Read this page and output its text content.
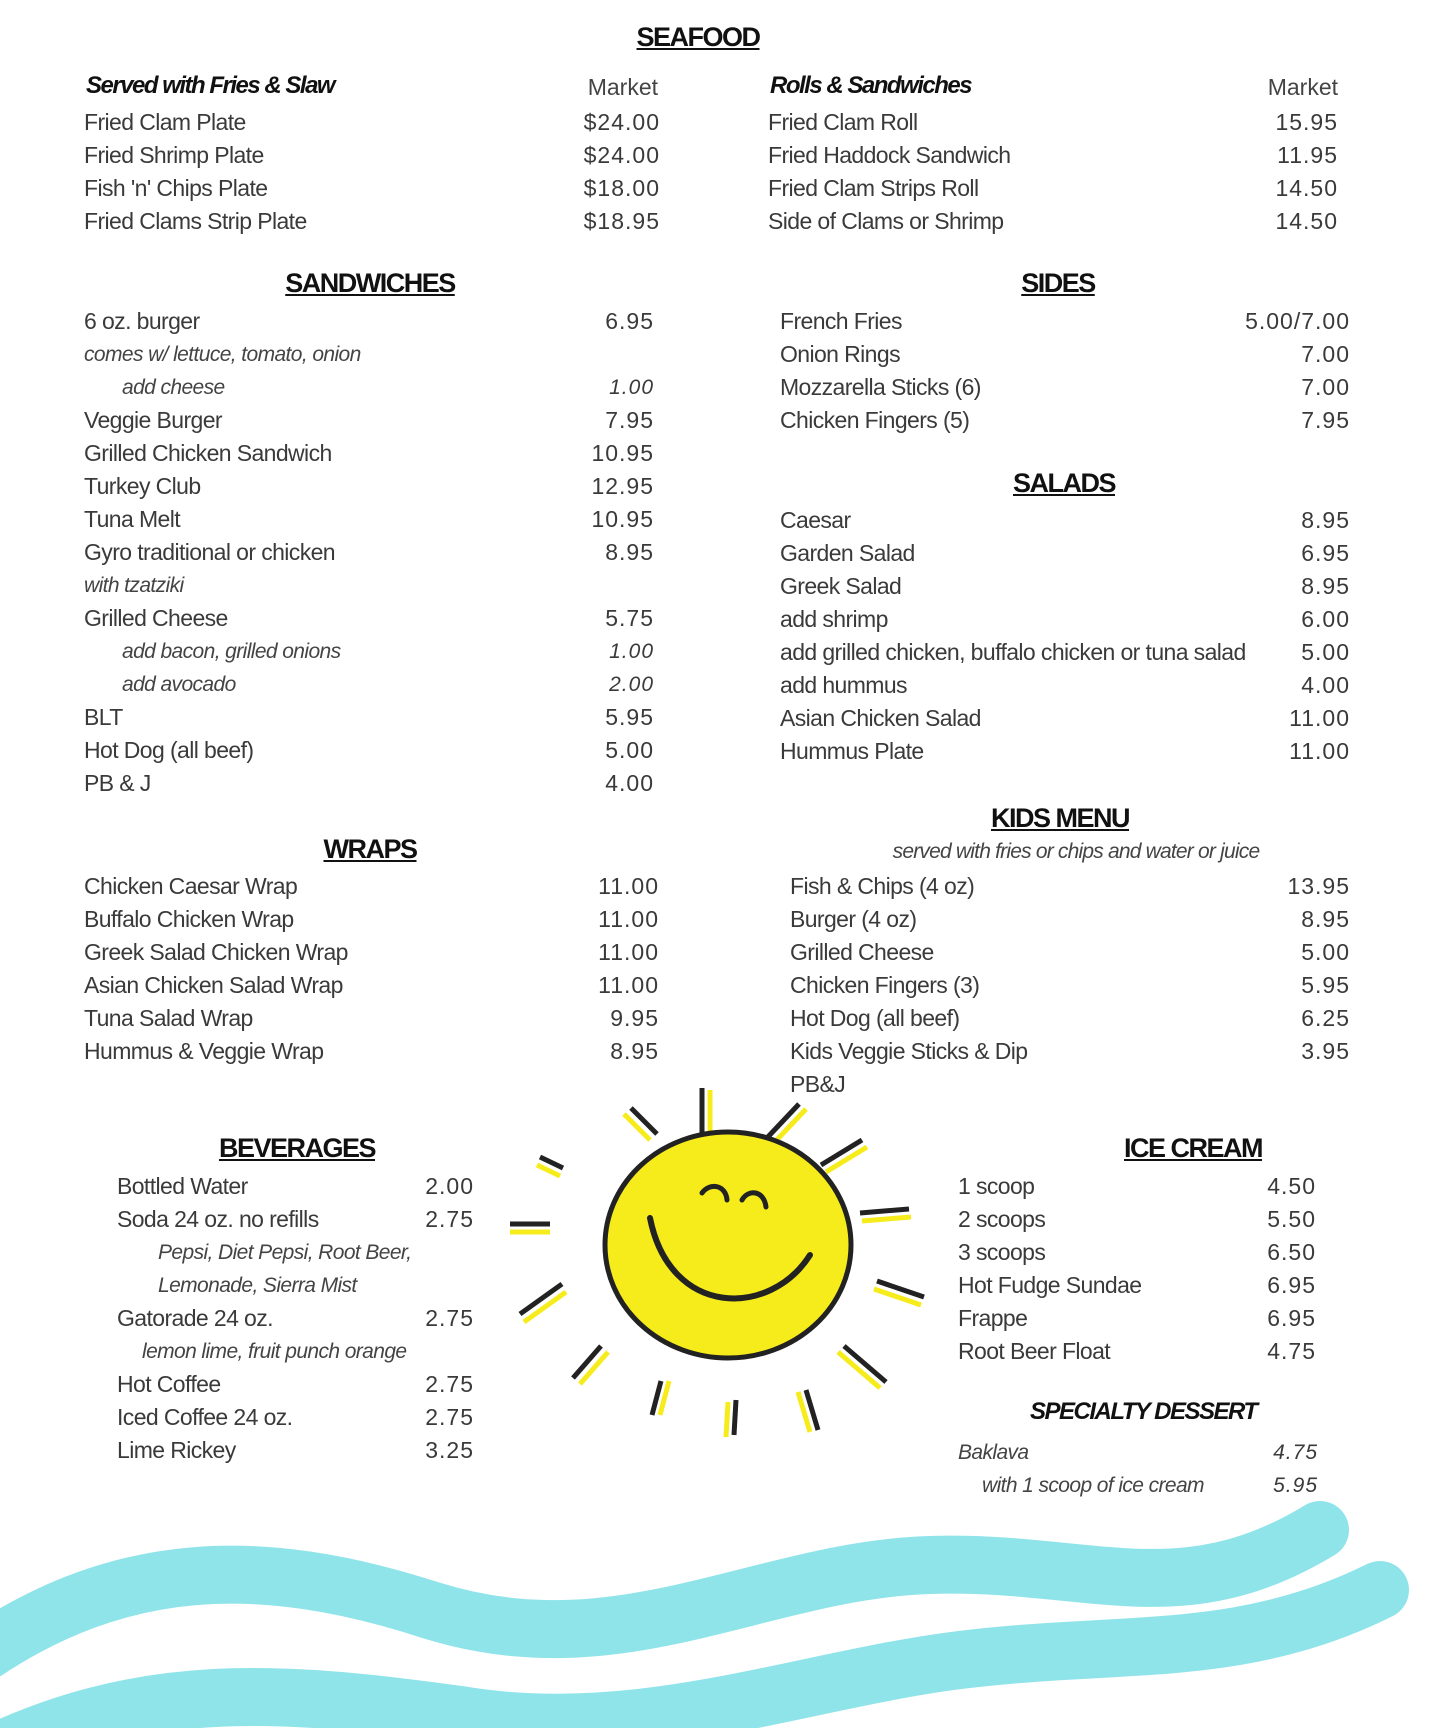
SEAFOOD
Served with Fries & Slaw	Market
Fried Clam Plate	$24.00
Fried Shrimp Plate	$24.00
Fish 'n' Chips Plate	$18.00
Fried Clams Strip Plate	$18.95
Rolls & Sandwiches	Market
Fried Clam Roll	15.95
Fried Haddock Sandwich	11.95
Fried Clam Strips Roll	14.50
Side of Clams or Shrimp	14.50
SANDWICHES
6 oz. burger	6.95
comes w/ lettuce, tomato, onion
add cheese	1.00
Veggie Burger	7.95
Grilled Chicken Sandwich	10.95
Turkey Club	12.95
Tuna Melt	10.95
Gyro traditional or chicken	8.95
with tzatziki
Grilled Cheese	5.75
add bacon, grilled onions	1.00
add avocado	2.00
BLT	5.95
Hot Dog (all beef)	5.00
PB & J	4.00
SIDES
French Fries	5.00/7.00
Onion Rings	7.00
Mozzarella Sticks (6)	7.00
Chicken Fingers (5)	7.95
SALADS
Caesar	8.95
Garden Salad	6.95
Greek Salad	8.95
add shrimp	6.00
add grilled chicken, buffalo chicken or tuna salad 5.00
add hummus	4.00
Asian Chicken Salad	11.00
Hummus Plate	11.00
WRAPS
Chicken Caesar Wrap	11.00
Buffalo Chicken Wrap	11.00
Greek Salad Chicken Wrap	11.00
Asian Chicken Salad Wrap	11.00
Tuna Salad Wrap	9.95
Hummus & Veggie Wrap	8.95
KIDS MENU
served with fries or chips and water or juice
Fish & Chips (4 oz)	13.95
Burger (4 oz)	8.95
Grilled Cheese	5.00
Chicken Fingers (3)	5.95
Hot Dog (all beef)	6.25
Kids Veggie Sticks & Dip	3.95
PB&J
BEVERAGES
Bottled Water	2.00
Soda 24 oz. no refills	2.75
Pepsi, Diet Pepsi, Root Beer,
Lemonade, Sierra Mist
Gatorade 24 oz.	2.75
lemon lime, fruit punch orange
Hot Coffee	2.75
Iced Coffee 24 oz.	2.75
Lime Rickey	3.25
ICE CREAM
1 scoop	4.50
2 scoops	5.50
3 scoops	6.50
Hot Fudge Sundae	6.95
Frappe	6.95
Root Beer Float	4.75
SPECIALTY DESSERT
Baklava	4.75
with 1 scoop of ice cream	5.95
